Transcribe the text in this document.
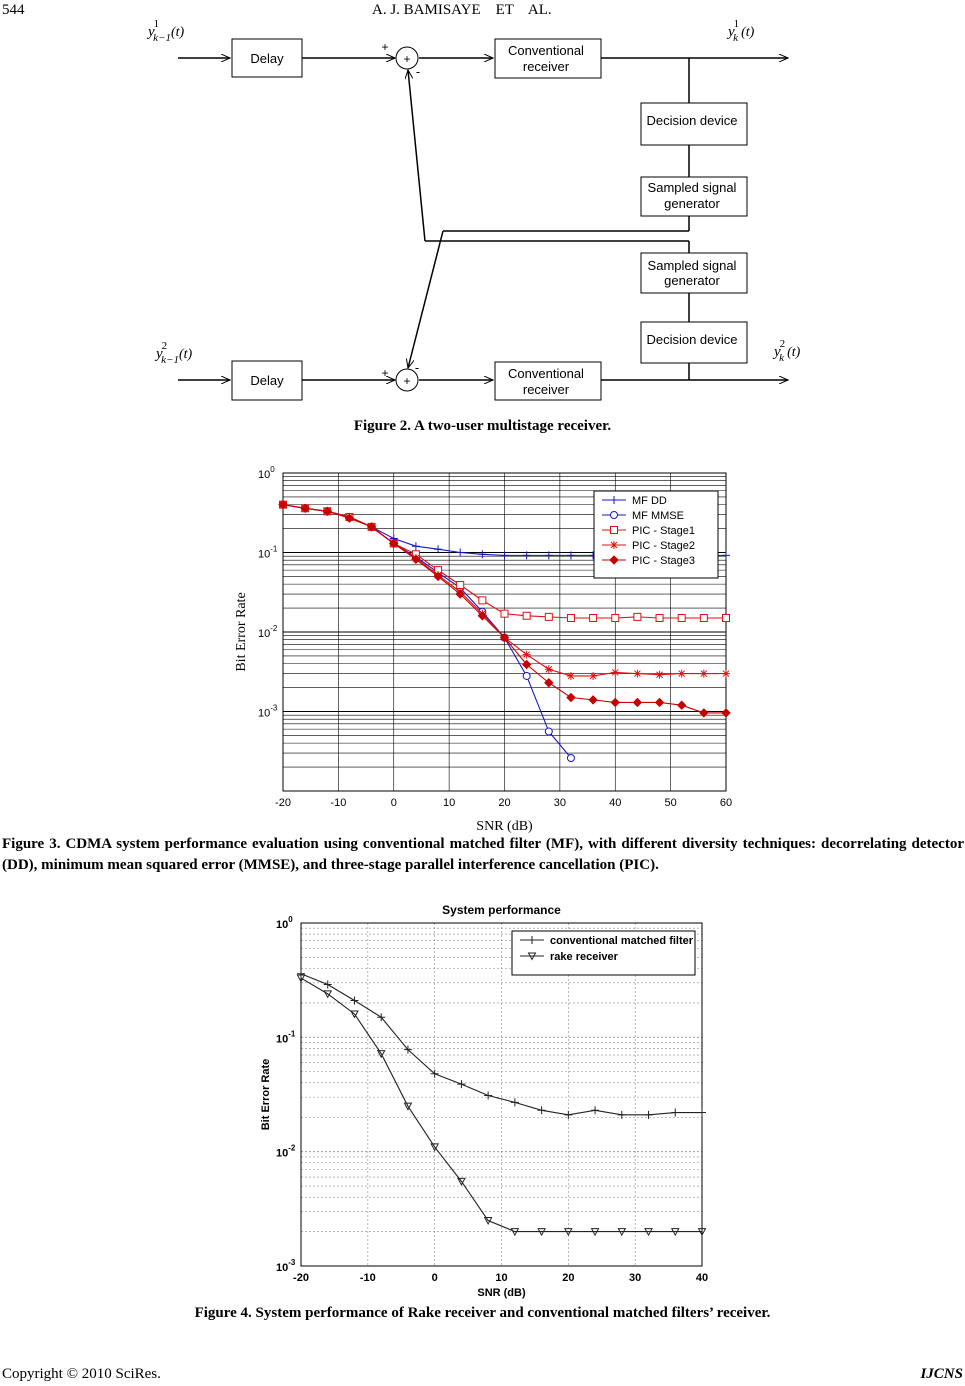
544	A. J. BAMISAYE    ET    AL.
Delay
Delay
Conventional
receiver
Conventional
receiver
Decision device
Decision device
Sampled signal
generator
Sampled signal
generator
+
+
+
-
+ -
y1 k−1(t)	y1 k (t)
y2 k−1(t)	y2 k (t)
Figure 2. A two-user multistage receiver.
-20	-10	0	10	20	30	40	50	60
$10^0$
$10^{-1}$
$10^{-2}$
$10^{-3}$
SNR (dB)
Bit Error Rate
MF DD
MF MMSE
PIC - Stage1
PIC - Stage2
PIC - Stage3
Figure 3. CDMA system performance evaluation using conventional matched filter (MF), with different diversity techniques: decorrelating detector (DD), minimum mean squared error (MMSE), and three-stage parallel interference cancellation (PIC).
System performance
-20	-10	0	10	20	30	40
$10^0$
$10^{-1}$
$10^{-2}$
$10^{-3}$
SNR (dB)
Bit Error Rate
conventional matched filter
rake receiver
Figure 4. System performance of Rake receiver and conventional matched filters’ receiver.
Copyright © 2010 SciRes.	IJCNS
